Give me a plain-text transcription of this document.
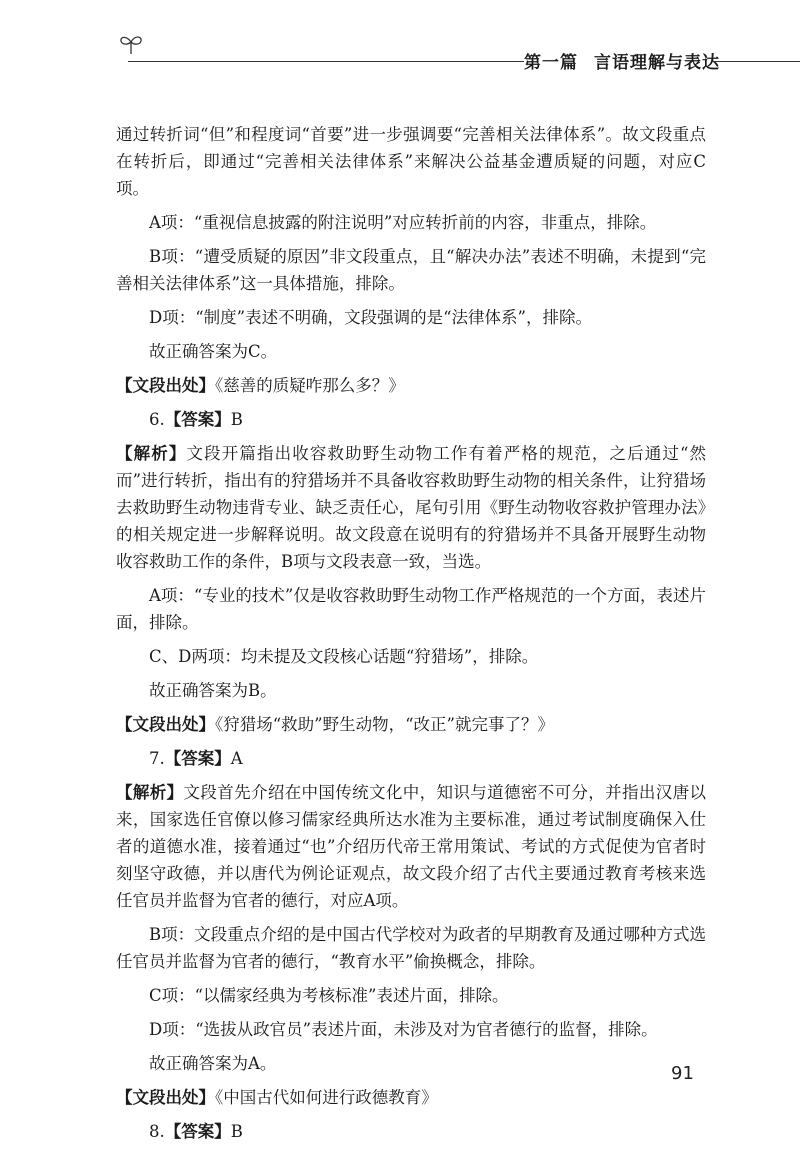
第一篇 言语理解与表达

通过转折词“但”和程度词“首要”进一步强调要“完善相关法律体系”。故文段重点在转折后，即通过“完善相关法律体系”来解决公益基金遭质疑的问题，对应C项。

A项：“重视信息披露的附注说明”对应转折前的内容，非重点，排除。

B项：“遭受质疑的原因”非文段重点，且“解决办法”表述不明确，未提到“完善相关法律体系”这一具体措施，排除。

D项：“制度”表述不明确，文段强调的是“法律体系”，排除。

故正确答案为C。

【文段出处】《慈善的质疑咋那么多？》

6.【答案】B

【解析】文段开篇指出收容救助野生动物工作有着严格的规范，之后通过“然而”进行转折，指出有的狩猎场并不具备收容救助野生动物的相关条件，让狩猎场去救助野生动物违背专业、缺乏责任心，尾句引用《野生动物收容救护管理办法》的相关规定进一步解释说明。故文段意在说明有的狩猎场并不具备开展野生动物收容救助工作的条件，B项与文段表意一致，当选。

A项：“专业的技术”仅是收容救助野生动物工作严格规范的一个方面，表述片面，排除。

C、D两项：均未提及文段核心话题“狩猎场”，排除。

故正确答案为B。

【文段出处】《狩猎场“救助”野生动物，“改正”就完事了？》

7.【答案】A

【解析】文段首先介绍在中国传统文化中，知识与道德密不可分，并指出汉唐以来，国家选任官僚以修习儒家经典所达水准为主要标准，通过考试制度确保入仕者的道德水准，接着通过“也”介绍历代帝王常用策试、考试的方式促使为官者时刻坚守政德，并以唐代为例论证观点，故文段介绍了古代主要通过教育考核来选任官员并监督为官者的德行，对应A项。

B项：文段重点介绍的是中国古代学校对为政者的早期教育及通过哪种方式选任官员并监督为官者的德行，“教育水平”偷换概念，排除。

C项：“以儒家经典为考核标准”表述片面，排除。

D项：“选拔从政官员”表述片面，未涉及对为官者德行的监督，排除。

故正确答案为A。

【文段出处】《中国古代如何进行政德教育》

8.【答案】B

91
